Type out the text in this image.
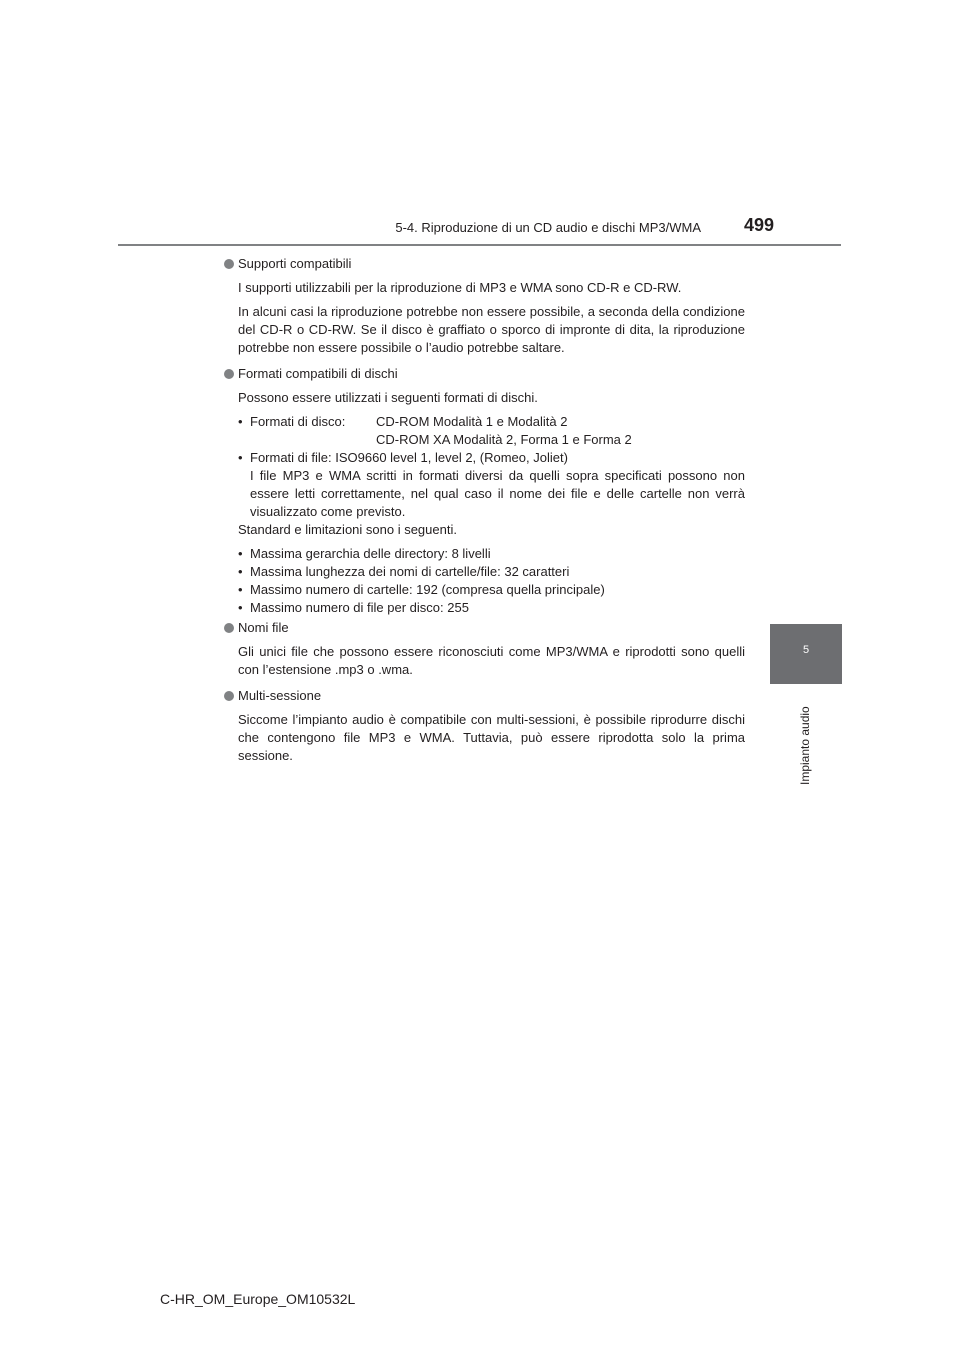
5-4. Riproduzione di un CD audio e dischi MP3/WMA	499
5
Impianto audio

Supporti compatibili

I supporti utilizzabili per la riproduzione di MP3 e WMA sono CD-R e CD-RW.

In alcuni casi la riproduzione potrebbe non essere possibile, a seconda della condizione del CD-R o CD-RW. Se il disco è graffiato o sporco di impronte di dita, la riproduzione potrebbe non essere possibile o l’audio potrebbe saltare.

Formati compatibili di dischi

Possono essere utilizzati i seguenti formati di dischi.

• Formati di disco:	CD-ROM Modalità 1 e Modalità 2
CD-ROM XA Modalità 2, Forma 1 e Forma 2
• Formati di file: ISO9660 level 1, level 2, (Romeo, Joliet)
I file MP3 e WMA scritti in formati diversi da quelli sopra specificati possono non essere letti correttamente, nel qual caso il nome dei file e delle cartelle non verrà visualizzato come previsto.

Standard e limitazioni sono i seguenti.

• Massima gerarchia delle directory: 8 livelli
• Massima lunghezza dei nomi di cartelle/file: 32 caratteri
• Massimo numero di cartelle: 192 (compresa quella principale)
• Massimo numero di file per disco: 255

Nomi file

Gli unici file che possono essere riconosciuti come MP3/WMA e riprodotti sono quelli con l’estensione .mp3 o .wma.

Multi-sessione

Siccome l’impianto audio è compatibile con multi-sessioni, è possibile riprodurre dischi che contengono file MP3 e WMA. Tuttavia, può essere riprodotta solo la prima sessione.

C-HR_OM_Europe_OM10532L
